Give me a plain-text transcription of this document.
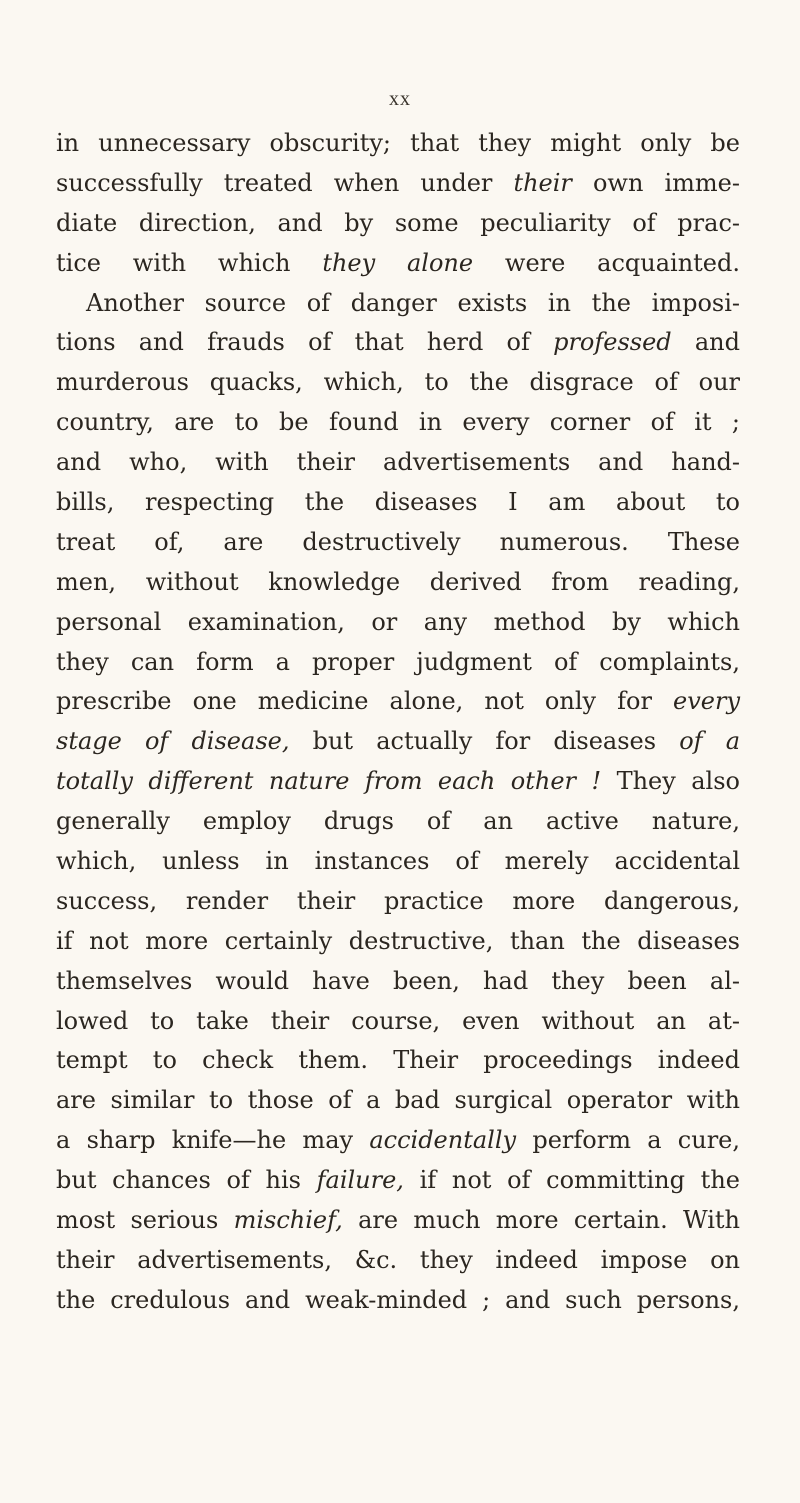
xx
in unnecessary obscurity; that they might only be
successfully treated when under their own imme-
diate direction, and by some peculiarity of prac-
tice with which they alone were acquainted.
Another source of danger exists in the imposi-
tions and frauds of that herd of professed and
murderous quacks, which, to the disgrace of our
country, are to be found in every corner of it ;
and who, with their advertisements and hand-
bills, respecting the diseases I am about to
treat of, are destructively numerous. These
men, without knowledge derived from reading,
personal examination, or any method by which
they can form a proper judgment of complaints,
prescribe one medicine alone, not only for every
stage of disease, but actually for diseases of a
totally different nature from each other ! They also
generally employ drugs of an active nature,
which, unless in instances of merely accidental
success, render their practice more dangerous,
if not more certainly destructive, than the diseases
themselves would have been, had they been al-
lowed to take their course, even without an at-
tempt to check them. Their proceedings indeed
are similar to those of a bad surgical operator with
a sharp knife—he may accidentally perform a cure,
but chances of his failure, if not of committing the
most serious mischief, are much more certain. With
their advertisements, &c. they indeed impose on
the credulous and weak-minded ; and such persons,
